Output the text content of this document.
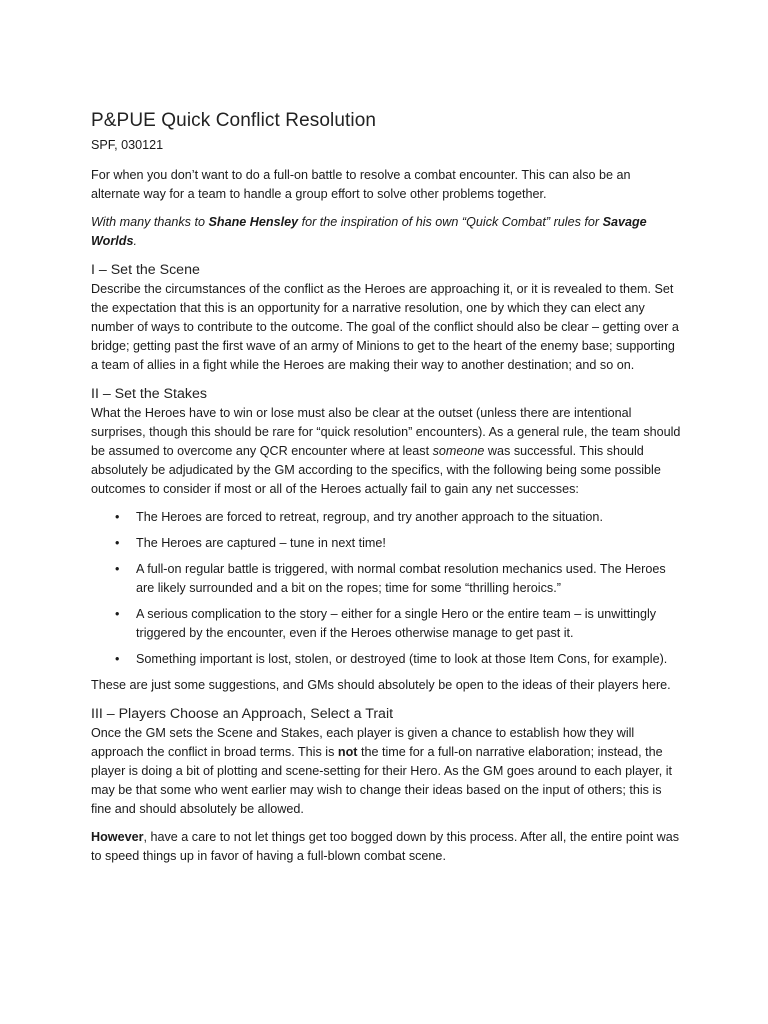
P&PUE Quick Conflict Resolution

SPF, 030121

For when you don’t want to do a full-on battle to resolve a combat encounter. This can also be an alternate way for a team to handle a group effort to solve other problems together.

With many thanks to Shane Hensley for the inspiration of his own “Quick Combat” rules for Savage Worlds.

I – Set the Scene

Describe the circumstances of the conflict as the Heroes are approaching it, or it is revealed to them. Set the expectation that this is an opportunity for a narrative resolution, one by which they can elect any number of ways to contribute to the outcome. The goal of the conflict should also be clear – getting over a bridge; getting past the first wave of an army of Minions to get to the heart of the enemy base; supporting a team of allies in a fight while the Heroes are making their way to another destination; and so on.

II – Set the Stakes

What the Heroes have to win or lose must also be clear at the outset (unless there are intentional surprises, though this should be rare for “quick resolution” encounters). As a general rule, the team should be assumed to overcome any QCR encounter where at least someone was successful. This should absolutely be adjudicated by the GM according to the specifics, with the following being some possible outcomes to consider if most or all of the Heroes actually fail to gain any net successes:

• The Heroes are forced to retreat, regroup, and try another approach to the situation.
• The Heroes are captured – tune in next time!
• A full-on regular battle is triggered, with normal combat resolution mechanics used. The Heroes are likely surrounded and a bit on the ropes; time for some “thrilling heroics.”
• A serious complication to the story – either for a single Hero or the entire team – is unwittingly triggered by the encounter, even if the Heroes otherwise manage to get past it.
• Something important is lost, stolen, or destroyed (time to look at those Item Cons, for example).

These are just some suggestions, and GMs should absolutely be open to the ideas of their players here.

III – Players Choose an Approach, Select a Trait

Once the GM sets the Scene and Stakes, each player is given a chance to establish how they will approach the conflict in broad terms. This is not the time for a full-on narrative elaboration; instead, the player is doing a bit of plotting and scene-setting for their Hero. As the GM goes around to each player, it may be that some who went earlier may wish to change their ideas based on the input of others; this is fine and should absolutely be allowed.

However, have a care to not let things get too bogged down by this process. After all, the entire point was to speed things up in favor of having a full-blown combat scene.
